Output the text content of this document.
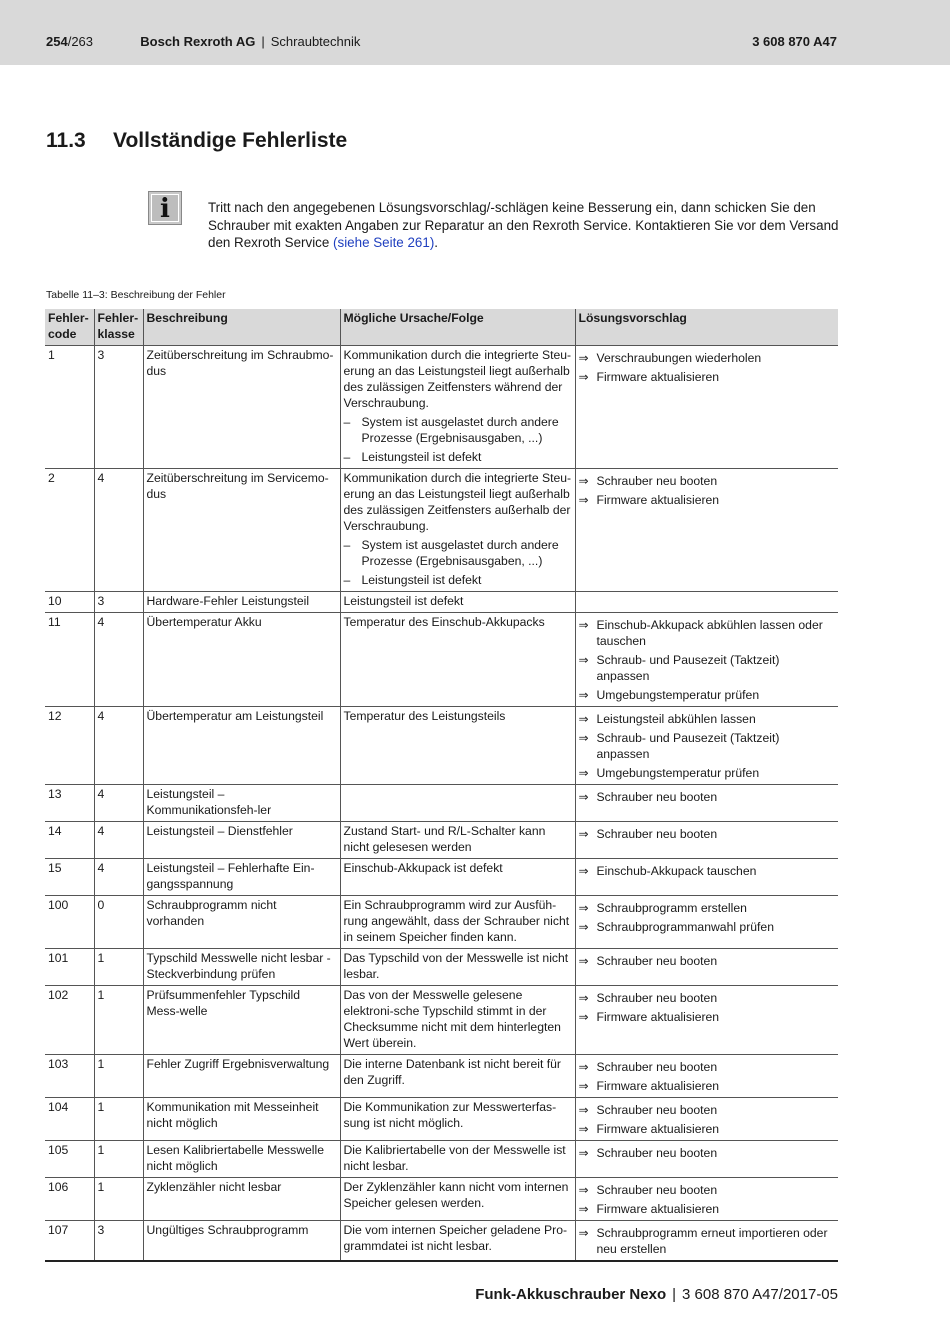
254/263	Bosch Rexroth AG | Schraubtechnik	3 608 870 A47
11.3 Vollständige Fehlerliste
i	Tritt nach den angegebenen Lösungsvorschlag/-schlägen keine Besserung ein, dann schicken Sie den Schrauber mit exakten Angaben zur Reparatur an den Rexroth Service. Kontaktieren Sie vor dem Versand den Rexroth Service (siehe Seite 261).

Tabelle 11–3: Beschreibung der Fehler
Fehler-code	Fehler-klasse	Beschreibung	Mögliche Ursache/Folge	Lösungsvorschlag
1	3	Zeitüberschreitung im Schraubmo-dus	Kommunikation durch die integrierte Steu-erung an das Leistungsteil liegt außerhalb des zulässigen Zeitfensters während der Verschraubung.
– System ist ausgelastet durch andere Prozesse (Ergebnisausgaben, ...)
– Leistungsteil ist defekt	⇒ Verschraubungen wiederholen
⇒ Firmware aktualisieren

2	4	Zeitüberschreitung im Servicemo-dus	Kommunikation durch die integrierte Steu-erung an das Leistungsteil liegt außerhalb des zulässigen Zeitfensters außerhalb der Verschraubung.
– System ist ausgelastet durch andere Prozesse (Ergebnisausgaben, ...)
– Leistungsteil ist defekt	⇒ Schrauber neu booten
⇒ Firmware aktualisieren

10	3	Hardware-Fehler Leistungsteil	Leistungsteil ist defekt	
11	4	Übertemperatur Akku	Temperatur des Einschub-Akkupacks	⇒ Einschub-Akkupack abkühlen lassen oder tauschen
⇒ Schraub- und Pausezeit (Taktzeit) anpassen
⇒ Umgebungstemperatur prüfen

12	4	Übertemperatur am Leistungsteil	Temperatur des Leistungsteils	⇒ Leistungsteil abkühlen lassen
⇒ Schraub- und Pausezeit (Taktzeit) anpassen
⇒ Umgebungstemperatur prüfen

13	4	Leistungsteil – Kommunikationsfeh-ler		⇒ Schrauber neu booten

14	4	Leistungsteil – Dienstfehler	Zustand Start- und R/L-Schalter kann nicht gelesesen werden	⇒ Schrauber neu booten

15	4	Leistungsteil – Fehlerhafte Ein-gangsspannung	Einschub-Akkupack ist defekt	⇒ Einschub-Akkupack tauschen

100	0	Schraubprogramm nicht vorhanden	Ein Schraubprogramm wird zur Ausfüh-rung angewählt, dass der Schrauber nicht in seinem Speicher finden kann.	⇒ Schraubprogramm erstellen
⇒ Schraubprogrammanwahl prüfen

101	1	Typschild Messwelle nicht lesbar - Steckverbindung prüfen	Das Typschild von der Messwelle ist nicht lesbar.	⇒ Schrauber neu booten

102	1	Prüfsummenfehler Typschild Mess-welle	Das von der Messwelle gelesene elektroni-sche Typschild stimmt in der Checksumme nicht mit dem hinterlegten Wert überein.	⇒ Schrauber neu booten
⇒ Firmware aktualisieren

103	1	Fehler Zugriff Ergebnisverwaltung	Die interne Datenbank ist nicht bereit für den Zugriff.	⇒ Schrauber neu booten
⇒ Firmware aktualisieren

104	1	Kommunikation mit Messeinheit nicht möglich	Die Kommunikation zur Messwerterfas-sung ist nicht möglich.	⇒ Schrauber neu booten
⇒ Firmware aktualisieren

105	1	Lesen Kalibriertabelle Messwelle nicht möglich	Die Kalibriertabelle von der Messwelle ist nicht lesbar.	⇒ Schrauber neu booten

106	1	Zyklenzähler nicht lesbar	Der Zyklenzähler kann nicht vom internen Speicher gelesen werden.	⇒ Schrauber neu booten
⇒ Firmware aktualisieren

107	3	Ungültiges Schraubprogramm	Die vom internen Speicher geladene Pro-grammdatei ist nicht lesbar.	⇒ Schraubprogramm erneut importieren oder neu erstellen
Funk-Akkuschrauber Nexo | 3 608 870 A47/2017-05
